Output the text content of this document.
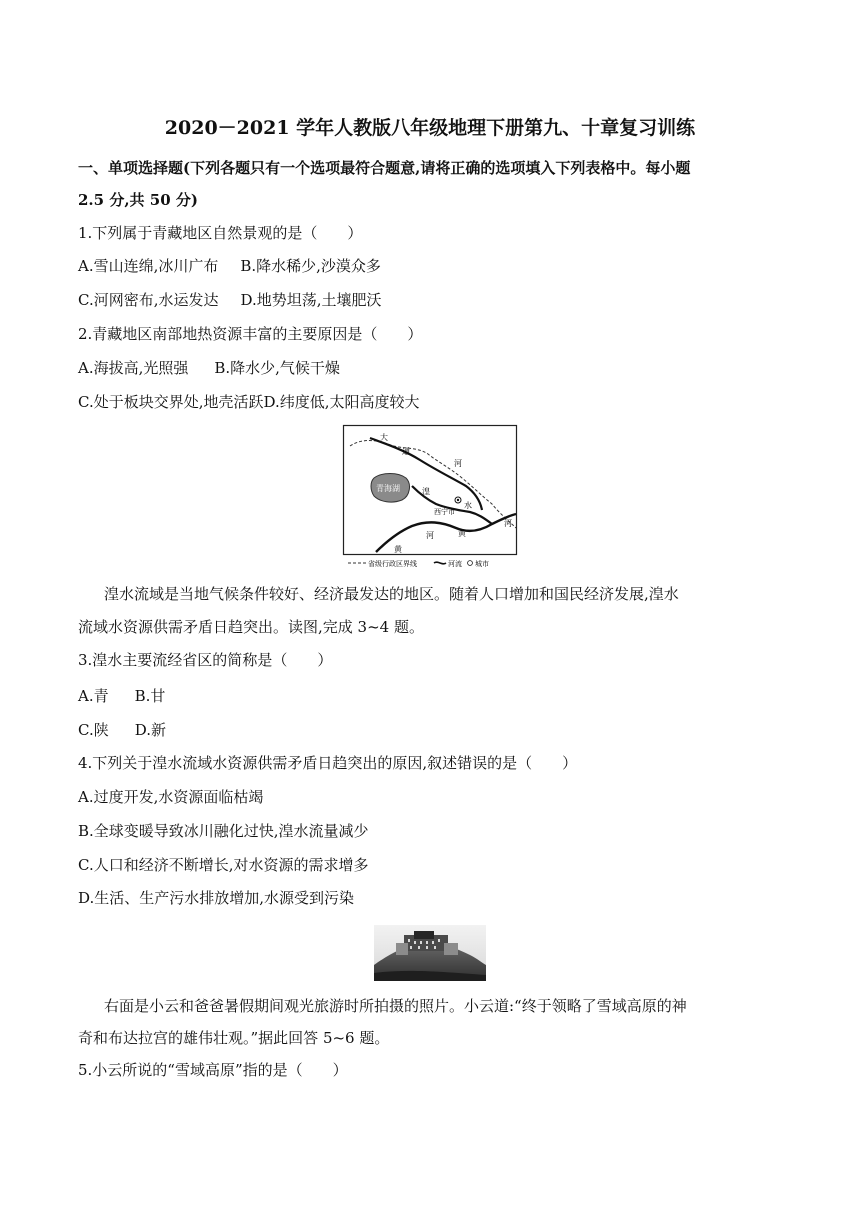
2020－2021 学年人教版八年级地理下册第九、十章复习训练
一、单项选择题(下列各题只有一个选项最符合题意,请将正确的选项填入下列表格中。每小题
2.5 分,共 50 分)
1.下列属于青藏地区自然景观的是（　　）
A.雪山连绵,冰川广布 B.降水稀少,沙漠众多
C.河网密布,水运发达 D.地势坦荡,土壤肥沃
2.青藏地区南部地热资源丰富的主要原因是（　　）
A.海拔高,光照强 B.降水少,气候干燥
C.处于板块交界处,地壳活跃D.纬度低,太阳高度较大
大
通
河
青海湖	湟
水
西宁市
河
河	黄
黄
省级行政区界线	河流 城市
湟水流域是当地气候条件较好、经济最发达的地区。随着人口增加和国民经济发展,湟水
流域水资源供需矛盾日趋突出。读图,完成 3~4 题。
3.湟水主要流经省区的简称是（　　）
A.青 B.甘
C.陕 D.新
4.下列关于湟水流域水资源供需矛盾日趋突出的原因,叙述错误的是（　　）
A.过度开发,水资源面临枯竭
B.全球变暖导致冰川融化过快,湟水流量减少
C.人口和经济不断增长,对水资源的需求增多
D.生活、生产污水排放增加,水源受到污染
右面是小云和爸爸暑假期间观光旅游时所拍摄的照片。小云道:“终于领略了雪域高原的神
奇和布达拉宫的雄伟壮观。”据此回答 5~6 题。
5.小云所说的“雪域高原”指的是（　　）
